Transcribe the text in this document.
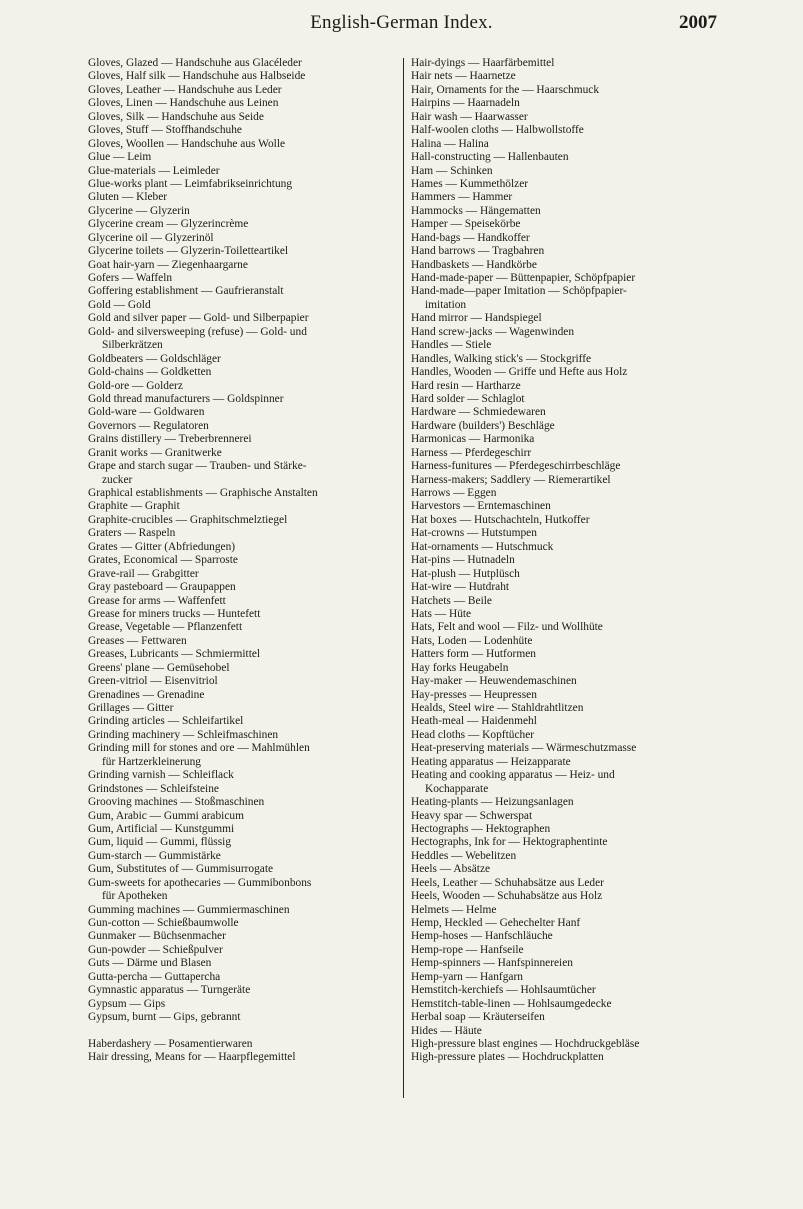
English-German Index.	2007
Gloves, Glazed — Handschuhe aus Glacéleder
Gloves, Half silk — Handschuhe aus Halbseide
Gloves, Leather — Handschuhe aus Leder
Gloves, Linen — Handschuhe aus Leinen
Gloves, Silk — Handschuhe aus Seide
Gloves, Stuff — Stoffhandschuhe
Gloves, Woollen — Handschuhe aus Wolle
Glue — Leim
Glue-materials — Leimleder
Glue-works plant — Leimfabrikseinrichtung
Gluten — Kleber
Glycerine — Glyzerin
Glycerine cream — Glyzerincrème
Glycerine oil — Glyzerinöl
Glycerine toilets — Glyzerin-Toiletteartikel
Goat hair-yarn — Ziegenhaargarne
Gofers — Waffeln
Goffering establishment — Gaufrieranstalt
Gold — Gold
Gold and silver paper — Gold- und Silberpapier
Gold- and silversweeping (refuse) — Gold- und
Silberkrätzen
Goldbeaters — Goldschläger
Gold-chains — Goldketten
Gold-ore — Golderz
Gold thread manufacturers — Goldspinner
Gold-ware — Goldwaren
Governors — Regulatoren
Grains distillery — Treberbrennerei
Granit works — Granitwerke
Grape and starch sugar — Trauben- und Stärke-
zucker
Graphical establishments — Graphische Anstalten
Graphite — Graphit
Graphite-crucibles — Graphitschmelztiegel
Graters — Raspeln
Grates — Gitter (Abfriedungen)
Grates, Economical — Sparroste
Grave-rail — Grabgitter
Gray pasteboard — Graupappen
Grease for arms — Waffenfett
Grease for miners trucks — Huntefett
Grease, Vegetable — Pflanzenfett
Greases — Fettwaren
Greases, Lubricants — Schmiermittel
Greens' plane — Gemüsehobel
Green-vitriol — Eisenvitriol
Grenadines — Grenadine
Grillages — Gitter
Grinding articles — Schleifartikel
Grinding machinery — Schleifmaschinen
Grinding mill for stones and ore — Mahlmühlen
für Hartzerkleinerung
Grinding varnish — Schleiflack
Grindstones — Schleifsteine
Grooving machines — Stoßmaschinen
Gum, Arabic — Gummi arabicum
Gum, Artificial — Kunstgummi
Gum, liquid — Gummi, flüssig
Gum-starch — Gummistärke
Gum, Substitutes of — Gummisurrogate
Gum-sweets for apothecaries — Gummibonbons
für Apotheken
Gumming machines — Gummiermaschinen
Gun-cotton — Schießbaumwolle
Gunmaker — Büchsenmacher
Gun-powder — Schießpulver
Guts — Därme und Blasen
Gutta-percha — Guttapercha
Gymnastic apparatus — Turngeräte
Gypsum — Gips
Gypsum, burnt — Gips, gebrannt
Haberdashery — Posamentierwaren
Hair dressing, Means for — Haarpflegemittel
Hair-dyings — Haarfärbemittel
Hair nets — Haarnetze
Hair, Ornaments for the — Haarschmuck
Hairpins — Haarnadeln
Hair wash — Haarwasser
Half-woolen cloths — Halbwollstoffe
Halina — Halina
Hall-constructing — Hallenbauten
Ham — Schinken
Hames — Kummethölzer
Hammers — Hammer
Hammocks — Hängematten
Hamper — Speisekörbe
Hand-bags — Handkoffer
Hand barrows — Tragbahren
Handbaskets — Handkörbe
Hand-made-paper — Büttenpapier, Schöpfpapier
Hand-made—paper Imitation — Schöpfpapier-
imitation
Hand mirror — Handspiegel
Hand screw-jacks — Wagenwinden
Handles — Stiele
Handles, Walking stick's — Stockgriffe
Handles, Wooden — Griffe und Hefte aus Holz
Hard resin — Hartharze
Hard solder — Schlaglot
Hardware — Schmiedewaren
Hardware (builders') Beschläge
Harmonicas — Harmonika
Harness — Pferdegeschirr
Harness-funitures — Pferdegeschirrbeschläge
Harness-makers; Saddlery — Riemerartikel
Harrows — Eggen
Harvestors — Erntemaschinen
Hat boxes — Hutschachteln, Hutkoffer
Hat-crowns — Hutstumpen
Hat-ornaments — Hutschmuck
Hat-pins — Hutnadeln
Hat-plush — Hutplüsch
Hat-wire — Hutdraht
Hatchets — Beile
Hats — Hüte
Hats, Felt and wool — Filz- und Wollhüte
Hats, Loden — Lodenhüte
Hatters form — Hutformen
Hay forks Heugabeln
Hay-maker — Heuwendemaschinen
Hay-presses — Heupressen
Healds, Steel wire — Stahldrahtlitzen
Heath-meal — Haidenmehl
Head cloths — Kopftücher
Heat-preserving materials — Wärmeschutzmasse
Heating apparatus — Heizapparate
Heating and cooking apparatus — Heiz- und
Kochapparate
Heating-plants — Heizungsanlagen
Heavy spar — Schwerspat
Hectographs — Hektographen
Hectographs, Ink for — Hektographentinte
Heddles — Webelitzen
Heels — Absätze
Heels, Leather — Schuhabsätze aus Leder
Heels, Wooden — Schuhabsätze aus Holz
Helmets — Helme
Hemp, Heckled — Gehechelter Hanf
Hemp-hoses — Hanfschläuche
Hemp-rope — Hanfseile
Hemp-spinners — Hanfspinnereien
Hemp-yarn — Hanfgarn
Hemstitch-kerchiefs — Hohlsaumtücher
Hemstitch-table-linen — Hohlsaumgedecke
Herbal soap — Kräuterseifen
Hides — Häute
High-pressure blast engines — Hochdruckgebläse
High-pressure plates — Hochdruckplatten
